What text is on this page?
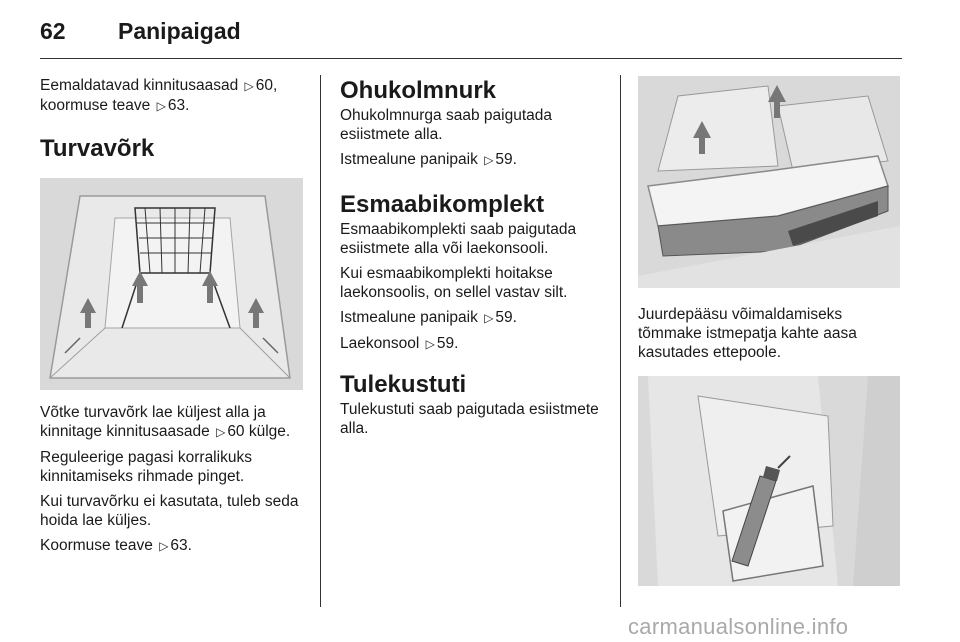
62 Panipaigad

Eemaldatavad kinnitusaasad ▷ 60,
koormuse teave ▷ 63.

Turvavõrk

Võtke turvavõrk lae küljest alla ja kinnitage kinnitusaasade ▷ 60 külge.

Reguleerige pagasi korralikuks kinnitamiseks rihmade pinget.

Kui turvavõrku ei kasutata, tuleb seda hoida lae küljes.

Koormuse teave ▷ 63.

Ohukolmnurk

Ohukolmnurga saab paigutada esiistmete alla.

Istmealune panipaik ▷ 59.

Esmaabikomplekt

Esmaabikomplekti saab paigutada esiistmete alla või laekonsooli.

Kui esmaabikomplekti hoitakse laekonsoolis, on sellel vastav silt.

Istmealune panipaik ▷ 59.

Laekonsool ▷ 59.

Tulekustuti

Tulekustuti saab paigutada esiistmete alla.

Juurdepääsu võimaldamiseks tõmmake istmepatja kahte aasa kasutades ettepoole.

carmanualsonline.info
